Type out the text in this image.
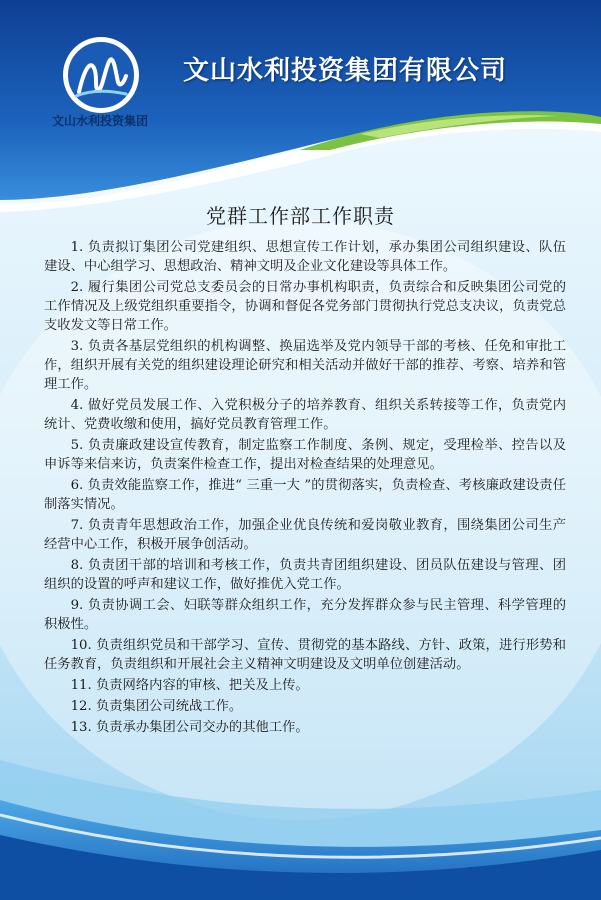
文山水利投资集团
文山水利投资集团有限公司
党群工作部工作职责

1. 负责拟订集团公司党建组织、思想宣传工作计划，承办集团公司组织建设、队伍建设、中心组学习、思想政治、精神文明及企业文化建设等具体工作。

2. 履行集团公司党总支委员会的日常办事机构职责，负责综合和反映集团公司党的工作情况及上级党组织重要指令，协调和督促各党务部门贯彻执行党总支决议，负责党总支收发文等日常工作。

3. 负责各基层党组织的机构调整、换届选举及党内领导干部的考核、任免和审批工作，组织开展有关党的组织建设理论研究和相关活动并做好干部的推荐、考察、培养和管理工作。

4. 做好党员发展工作、入党积极分子的培养教育、组织关系转接等工作，负责党内统计、党费收缴和使用，搞好党员教育管理工作。

5. 负责廉政建设宣传教育，制定监察工作制度、条例、规定，受理检举、控告以及申诉等来信来访，负责案件检查工作，提出对检查结果的处理意见。

6. 负责效能监察工作，推进“ 三重一大 ”的贯彻落实，负责检查、考核廉政建设责任制落实情况。

7. 负责青年思想政治工作，加强企业优良传统和爱岗敬业教育，围绕集团公司生产经营中心工作，积极开展争创活动。

8. 负责团干部的培训和考核工作，负责共青团组织建设、团员队伍建设与管理、团组织的设置的呼声和建议工作，做好推优入党工作。

9. 负责协调工会、妇联等群众组织工作，充分发挥群众参与民主管理、科学管理的积极性。

10. 负责组织党员和干部学习、宣传、贯彻党的基本路线、方针、政策，进行形势和任务教育，负责组织和开展社会主义精神文明建设及文明单位创建活动。

11. 负责网络内容的审核、把关及上传。

12. 负责集团公司统战工作。

13. 负责承办集团公司交办的其他工作。
